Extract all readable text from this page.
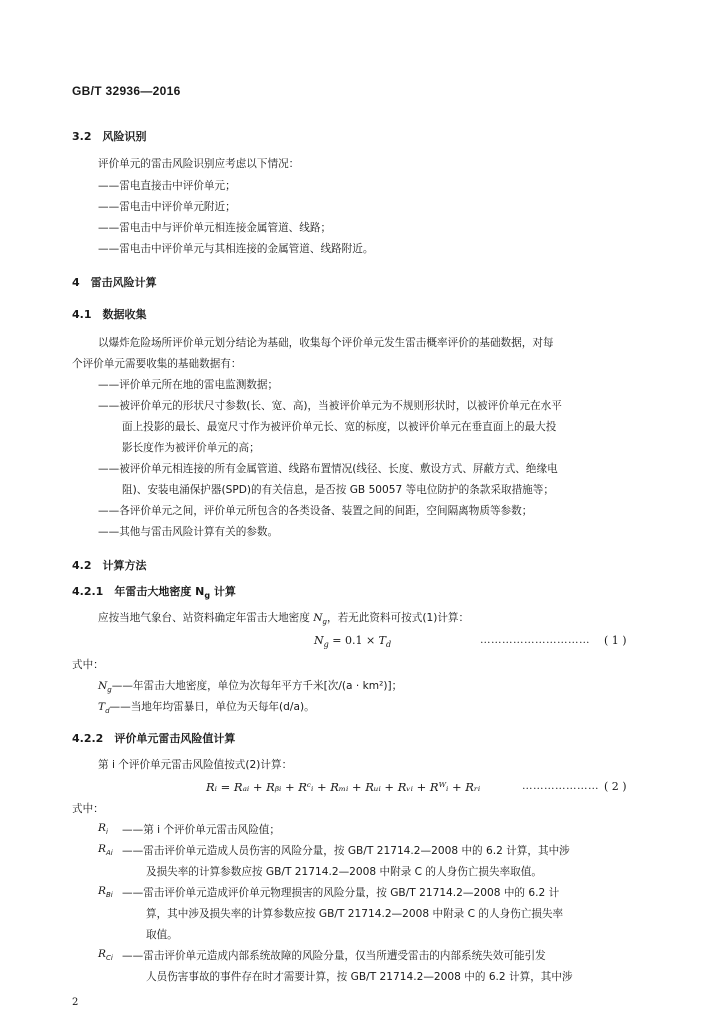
GB/T 32936—2016
3.2　风险识别
评价单元的雷击风险识别应考虑以下情况：
——雷电直接击中评价单元；
——雷电击中评价单元附近；
——雷电击中与评价单元相连接金属管道、线路；
——雷电击中评价单元与其相连接的金属管道、线路附近。
4　雷击风险计算
4.1　数据收集
以爆炸危险场所评价单元划分结论为基础，收集每个评价单元发生雷击概率评价的基础数据，对每
个评价单元需要收集的基础数据有：
——评价单元所在地的雷电监测数据；
——被评价单元的形状尺寸参数(长、宽、高)，当被评价单元为不规则形状时，以被评价单元在水平
面上投影的最长、最宽尺寸作为被评价单元长、宽的标度，以被评价单元在垂直面上的最大投
影长度作为被评价单元的高；
——被评价单元相连接的所有金属管道、线路布置情况(线径、长度、敷设方式、屏蔽方式、绝缘电
阻)、安装电涌保护器(SPD)的有关信息，是否按 GB 50057 等电位防护的条款采取措施等；
——各评价单元之间，评价单元所包含的各类设备、装置之间的间距，空间隔离物质等参数；
——其他与雷击风险计算有关的参数。
4.2　计算方法
4.2.1　年雷击大地密度 $N_g$ 计算
应按当地气象台、站资料确定年雷击大地密度 $N_g$，若无此资料可按式(1)计算：
$N_g = 0.1 \times T_d$	………………………… ( 1 )
式中：
$N_g——$年雷击大地密度，单位为次每年平方千米[次/(a · km²)]；
$T_d——$当地年均雷暴日，单位为天每年(d/a)。
4.2.2　评价单元雷击风险值计算
第 i 个评价单元雷击风险值按式(2)计算：
Rᵢ = Rₐᵢ + Rᵦᵢ + Rᶜᵢ + Rₘᵢ + Rᵤᵢ + Rᵥᵢ + Rᵂᵢ + Rᵣᵢ	………………… ( 2 )
式中：
$R_i$ ——第 i 个评价单元雷击风险值；
$R_{Ai}$ ——雷击评价单元造成人员伤害的风险分量，按 GB/T 21714.2—2008 中的 6.2 计算，其中涉
及损失率的计算参数应按 GB/T 21714.2—2008 中附录 C 的人身伤亡损失率取值。
$R_{Bi}$ ——雷击评价单元造成评价单元物理损害的风险分量，按 GB/T 21714.2—2008 中的 6.2 计
算，其中涉及损失率的计算参数应按 GB/T 21714.2—2008 中附录 C 的人身伤亡损失率
取值。
$R_{Ci}$ ——雷击评价单元造成内部系统故障的风险分量，仅当所遭受雷击的内部系统失效可能引发
人员伤害事故的事件存在时才需要计算，按 GB/T 21714.2—2008 中的 6.2 计算，其中涉
2
